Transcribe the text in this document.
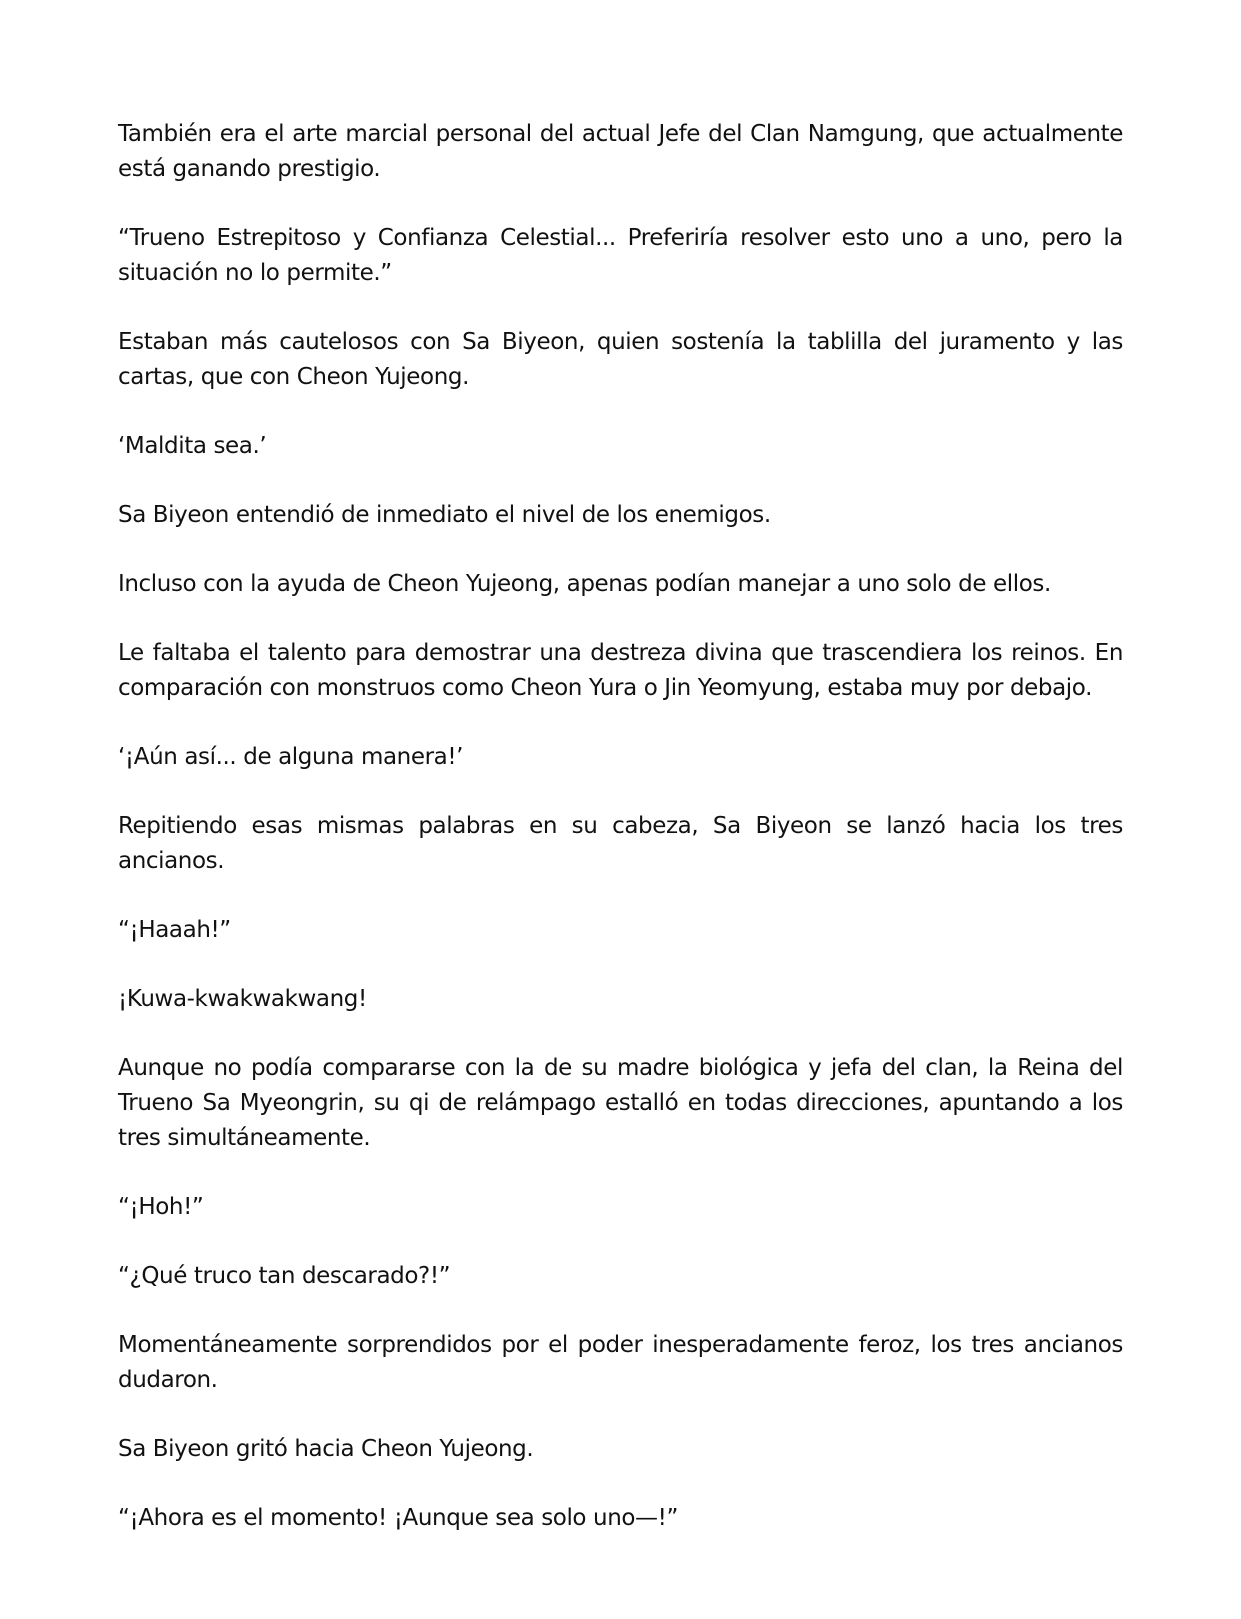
También era el arte marcial personal del actual Jefe del Clan Namgung, que actualmente está ganando prestigio.

“Trueno Estrepitoso y Confianza Celestial... Preferiría resolver esto uno a uno, pero la situación no lo permite.”

Estaban más cautelosos con Sa Biyeon, quien sostenía la tablilla del juramento y las cartas, que con Cheon Yujeong.

‘Maldita sea.’

Sa Biyeon entendió de inmediato el nivel de los enemigos.

Incluso con la ayuda de Cheon Yujeong, apenas podían manejar a uno solo de ellos.

Le faltaba el talento para demostrar una destreza divina que trascendiera los reinos. En comparación con monstruos como Cheon Yura o Jin Yeomyung, estaba muy por debajo.

‘¡Aún así... de alguna manera!’

Repitiendo esas mismas palabras en su cabeza, Sa Biyeon se lanzó hacia los tres ancianos.

“¡Haaah!”

¡Kuwa-kwakwakwang!

Aunque no podía compararse con la de su madre biológica y jefa del clan, la Reina del Trueno Sa Myeongrin, su qi de relámpago estalló en todas direcciones, apuntando a los tres simultáneamente.

“¡Hoh!”

“¿Qué truco tan descarado?!”

Momentáneamente sorprendidos por el poder inesperadamente feroz, los tres ancianos dudaron.

Sa Biyeon gritó hacia Cheon Yujeong.

“¡Ahora es el momento! ¡Aunque sea solo uno—!”
